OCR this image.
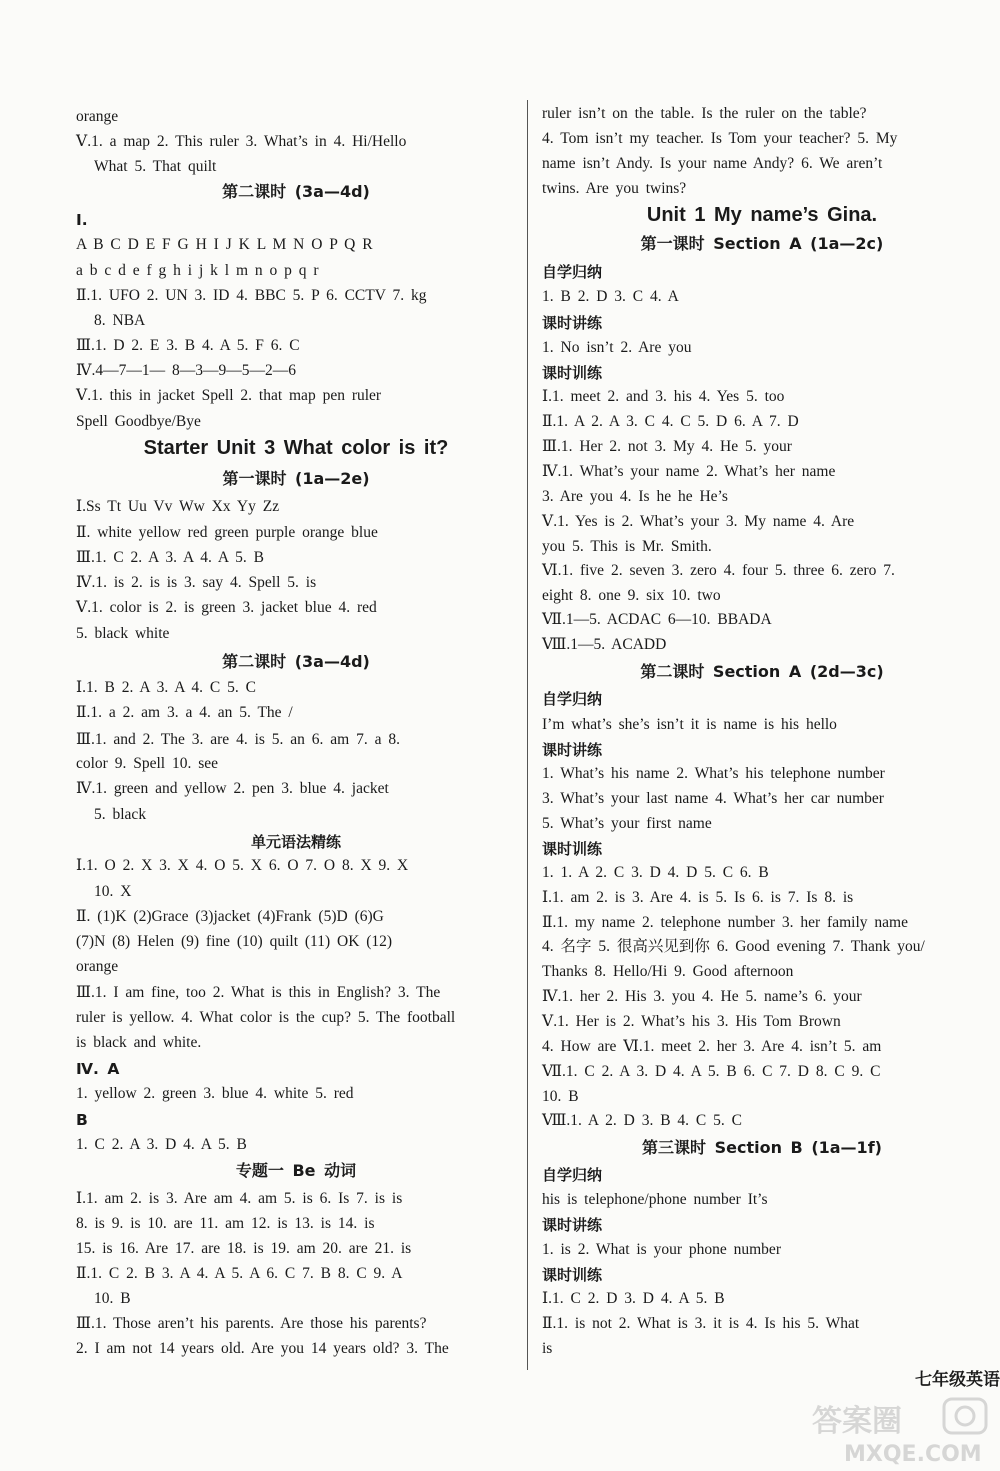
orange
Ⅴ.1. a map 2. This ruler 3. What’s in 4. Hi/Hello
What 5. That quilt
第二课时 (3a—4d)
Ⅰ.
A B C D E F G H I J K L M N O P Q R
a b c d e f g h i j k l m n o p q r
Ⅱ.1. UFO 2. UN 3. ID 4. BBC 5. P 6. CCTV 7. kg
8. NBA
Ⅲ.1. D 2. E 3. B 4. A 5. F 6. C
Ⅳ.4—7—1— 8—3—9—5—2—6
Ⅴ.1. this in jacket Spell 2. that map pen ruler
Spell Goodbye/Bye
Starter Unit 3 What color is it?
第一课时 (1a—2e)
Ⅰ.Ss Tt Uu Vv Ww Xx Yy Zz
Ⅱ. white yellow red green purple orange blue
Ⅲ.1. C 2. A 3. A 4. A 5. B
Ⅳ.1. is 2. is is 3. say 4. Spell 5. is
Ⅴ.1. color is 2. is green 3. jacket blue 4. red
5. black white
第二课时 (3a—4d)
Ⅰ.1. B 2. A 3. A 4. C 5. C
Ⅱ.1. a 2. am 3. a 4. an 5. The /
Ⅲ.1. and 2. The 3. are 4. is 5. an 6. am 7. a 8.
color 9. Spell 10. see
Ⅳ.1. green and yellow 2. pen 3. blue 4. jacket
5. black
单元语法精练
Ⅰ.1. O 2. X 3. X 4. O 5. X 6. O 7. O 8. X 9. X
10. X
Ⅱ. (1)K (2)Grace (3)jacket (4)Frank (5)D (6)G
(7)N (8) Helen (9) fine (10) quilt (11) OK (12)
orange
Ⅲ.1. I am fine, too 2. What is this in English? 3. The
ruler is yellow. 4. What color is the cup? 5. The football
is black and white.
Ⅳ. A
1. yellow 2. green 3. blue 4. white 5. red
B
1. C 2. A 3. D 4. A 5. B
专题一 Be 动词
Ⅰ.1. am 2. is 3. Are am 4. am 5. is 6. Is 7. is is
8. is 9. is 10. are 11. am 12. is 13. is 14. is
15. is 16. Are 17. are 18. is 19. am 20. are 21. is
Ⅱ.1. C 2. B 3. A 4. A 5. A 6. C 7. B 8. C 9. A
10. B
Ⅲ.1. Those aren’t his parents. Are those his parents?
2. I am not 14 years old. Are you 14 years old? 3. The
ruler isn’t on the table. Is the ruler on the table?
4. Tom isn’t my teacher. Is Tom your teacher? 5. My
name isn’t Andy. Is your name Andy? 6. We aren’t
twins. Are you twins?
Unit 1 My name’s Gina.
第一课时 Section A (1a—2c)
自学归纳
1. B 2. D 3. C 4. A
课时讲练
1. No isn’t 2. Are you
课时训练
Ⅰ.1. meet 2. and 3. his 4. Yes 5. too
Ⅱ.1. A 2. A 3. C 4. C 5. D 6. A 7. D
Ⅲ.1. Her 2. not 3. My 4. He 5. your
Ⅳ.1. What’s your name 2. What’s her name
3. Are you 4. Is he he He’s
Ⅴ.1. Yes is 2. What’s your 3. My name 4. Are
you 5. This is Mr. Smith.
Ⅵ.1. five 2. seven 3. zero 4. four 5. three 6. zero 7.
eight 8. one 9. six 10. two
Ⅶ.1—5. ACDAC 6—10. BBADA
Ⅷ.1—5. ACADD
第二课时 Section A (2d—3c)
自学归纳
I’m what’s she’s isn’t it is name is his hello
课时讲练
1. What’s his name 2. What’s his telephone number
3. What’s your last name 4. What’s her car number
5. What’s your first name
课时训练
Ⅰ.1. am 2. is 3. Are 4. is 5. Is 6. is 7. Is 8. is
Ⅱ.1. my name 2. telephone number 3. her family name
4. 名字 5. 很高兴见到你 6. Good evening 7. Thank you/
Thanks 8. Hello/Hi 9. Good afternoon
Ⅳ.1. her 2. His 3. you 4. He 5. name’s 6. your
Ⅴ.1. Her is 2. What’s his 3. His Tom Brown
4. How are Ⅵ.1. meet 2. her 3. Are 4. isn’t 5. am
Ⅶ.1. C 2. A 3. D 4. A 5. B 6. C 7. D 8. C 9. C
10. B
Ⅷ.1. A 2. D 3. B 4. C 5. C
第三课时 Section B (1a—1f)
自学归纳
his is telephone/phone number It’s
课时讲练
1. is 2. What is your phone number
课时训练
Ⅰ.1. C 2. D 3. D 4. A 5. B
Ⅱ.1. is not 2. What is 3. it is 4. Is his 5. What
is
1. 1. A 2. C 3. D 4. D 5. C 6. B
七年级英语
答案圈
MXQE.COM
